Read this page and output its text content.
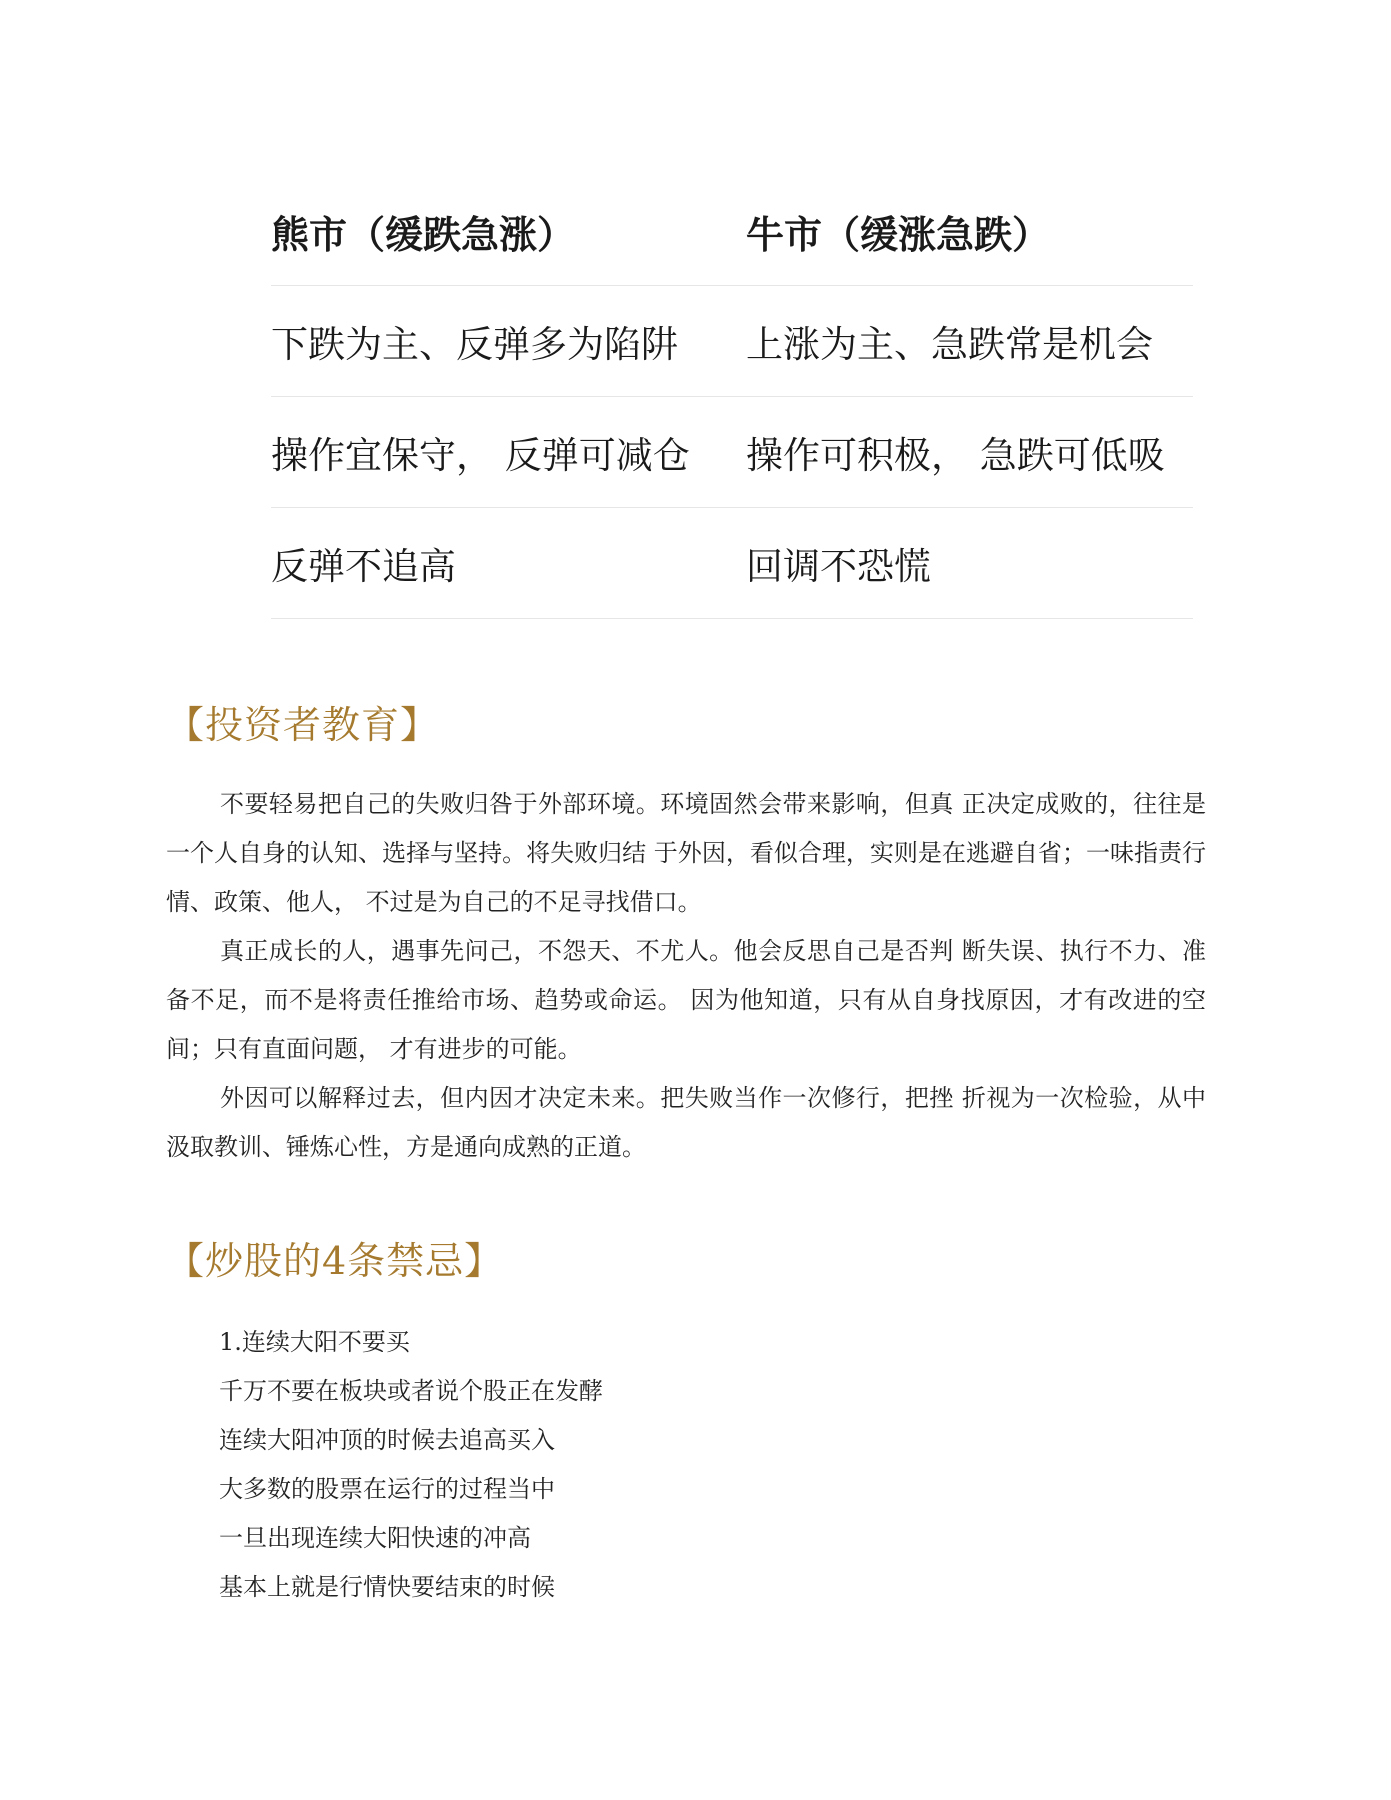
熊市（缓跌急涨）	牛市（缓涨急跌）
下跌为主、反弹多为陷阱	上涨为主、急跌常是机会
操作宜保守， 反弹可减仓	操作可积极， 急跌可低吸
反弹不追高	回调不恐慌
【投资者教育】

不要轻易把自己的失败归咎于外部环境。环境固然会带来影响，但真 正决定成败的，往往是一个人自身的认知、选择与坚持。将失败归结 于外因，看似合理，实则是在逃避自省；一味指责行情、政策、他人， 不过是为自己的不足寻找借口。

真正成长的人，遇事先问己，不怨天、不尤人。他会反思自己是否判 断失误、执行不力、准备不足，而不是将责任推给市场、趋势或命运。 因为他知道，只有从自身找原因，才有改进的空间；只有直面问题， 才有进步的可能。

外因可以解释过去，但内因才决定未来。把失败当作一次修行，把挫 折视为一次检验，从中汲取教训、锤炼心性，方是通向成熟的正道。

【炒股的4条禁忌】
1.连续大阳不要买
千万不要在板块或者说个股正在发酵
连续大阳冲顶的时候去追高买入
大多数的股票在运行的过程当中
一旦出现连续大阳快速的冲高
基本上就是行情快要结束的时候
